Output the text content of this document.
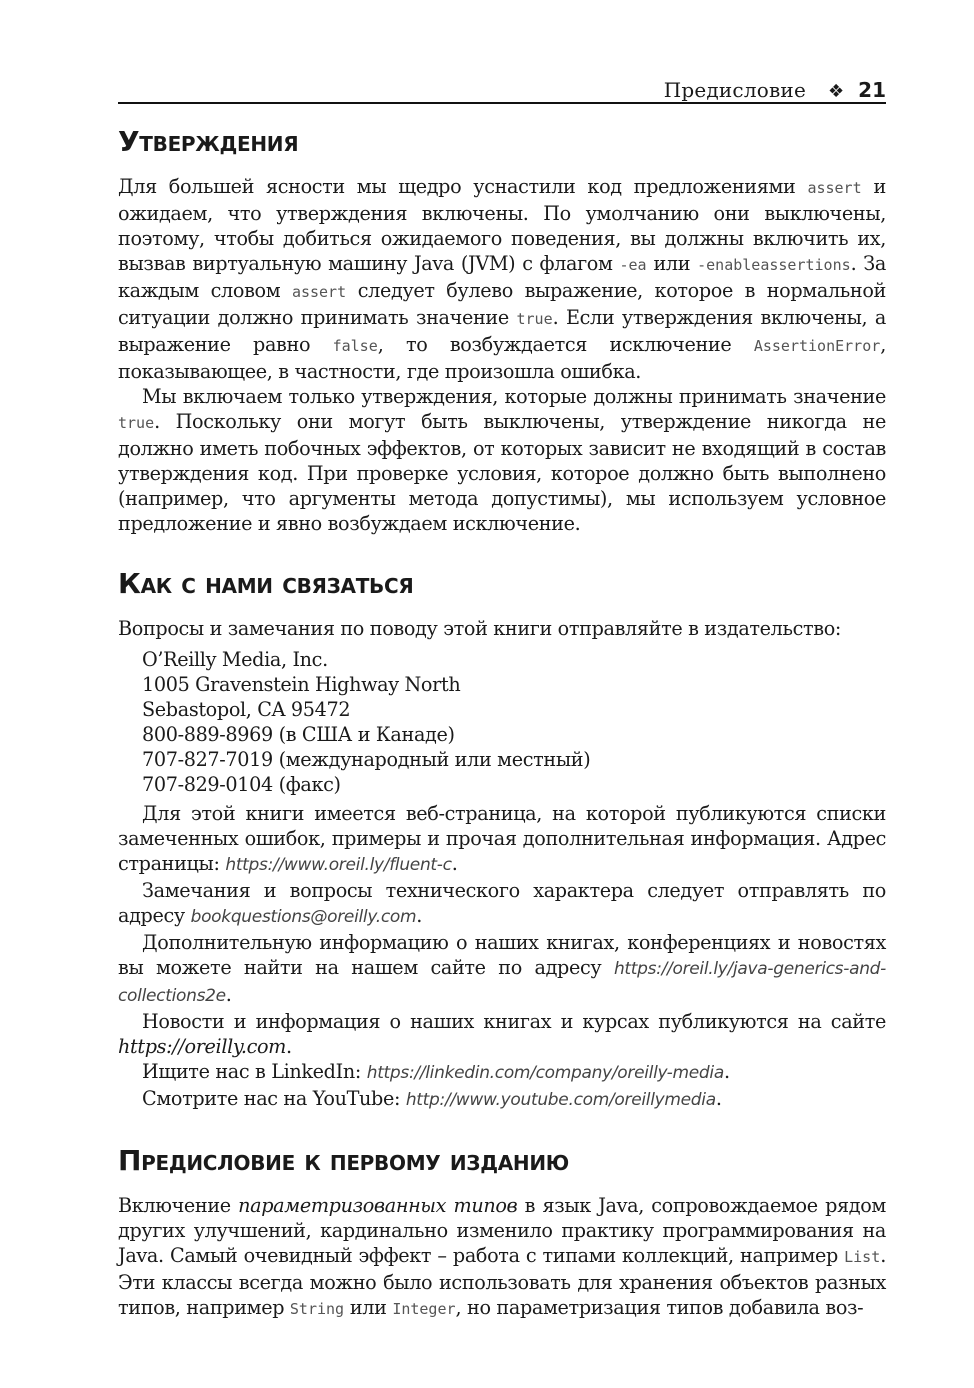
Предисловие ❖ 21
Утверждения

Для большей ясности мы щедро уснастили код предложениями assert и ожидаем, что утверждения включены. По умолчанию они выключены, поэтому, чтобы добиться ожидаемого поведения, вы должны включить их, вызвав виртуальную машину Java (JVM) с флагом -ea или -enableassertions. За каждым словом assert следует булево выражение, которое в нормальной ситуации должно принимать значение true. Если утверждения включены, а выражение равно false, то возбуждается исключение AssertionError, показывающее, в частности, где произошла ошибка.

Мы включаем только утверждения, которые должны принимать значение true. Поскольку они могут быть выключены, утверждение никогда не должно иметь побочных эффектов, от которых зависит не входящий в состав утверждения код. При проверке условия, которое должно быть выполнено (например, что аргументы метода допустимы), мы используем условное предложение и явно возбуждаем исключение.

Как с нами связаться

Вопросы и замечания по поводу этой книги отправляйте в издательство:

O’Reilly Media, Inc.
1005 Gravenstein Highway North
Sebastopol, CA 95472
800-889-8969 (в США и Канаде)
707-827-7019 (международный или местный)
707-829-0104 (факс)

Для этой книги имеется веб-страница, на которой публикуются списки замеченных ошибок, примеры и прочая дополнительная информация. Адрес страницы: https://www.oreil.ly/fluent-c.

Замечания и вопросы технического характера следует отправлять по адресу bookquestions@oreilly.com.

Дополнительную информацию о наших книгах, конференциях и новостях вы можете найти на нашем сайте по адресу https://oreil.ly/java-generics-and-collections2e.

Новости и информация о наших книгах и курсах публикуются на сайте https://oreilly.com.

Ищите нас в LinkedIn: https://linkedin.com/company/oreilly-media.

Смотрите нас на YouTube: http://www.youtube.com/oreillymedia.

Предисловие к первому изданию

Включение параметризованных типов в язык Java, сопровождаемое рядом других улучшений, кардинально изменило практику программирования на Java. Самый очевидный эффект – работа с типами коллекций, например List. Эти классы всегда можно было использовать для хранения объектов разных типов, например String или Integer, но параметризация типов добавила воз-
